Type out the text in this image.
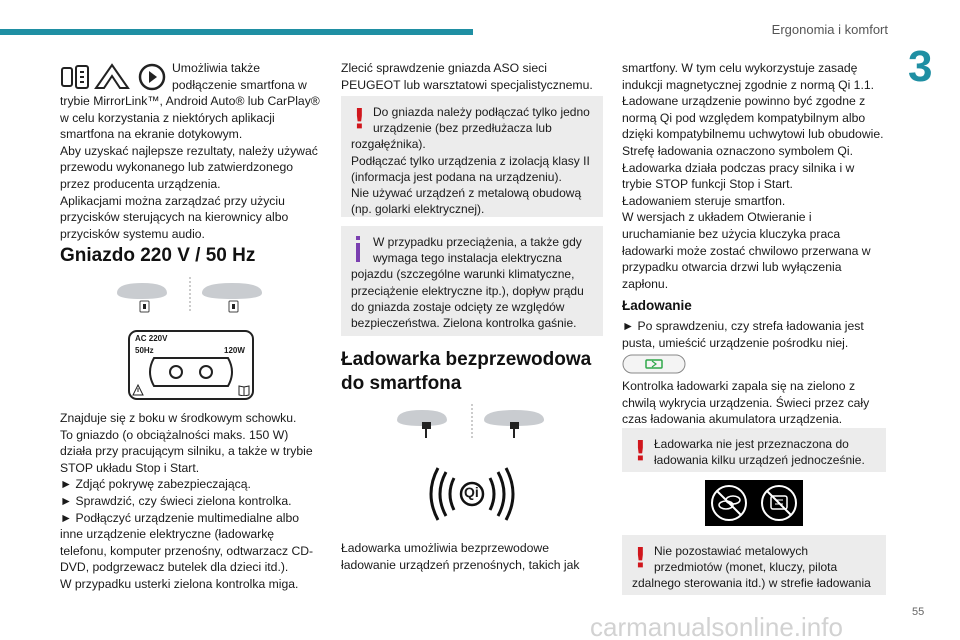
Ergonomia i komfort
3
Umożliwia także
podłączenie smartfona w
trybie MirrorLink™, Android Auto® lub CarPlay® w celu korzystania z niektórych aplikacji smartfona na ekranie dotykowym.
Aby uzyskać najlepsze rezultaty, należy używać przewodu wykonanego lub zatwierdzonego przez producenta urządzenia.
Aplikacjami można zarządzać przy użyciu przycisków sterujących na kierownicy albo przycisków systemu audio.
Gniazdo 220 V / 50 Hz
AC 220V
50Hz	120W
Znajduje się z boku w środkowym schowku.
To gniazdo (o obciążalności maks. 150 W) działa przy pracującym silniku, a także w trybie STOP układu Stop i Start.
► Zdjąć pokrywę zabezpieczającą.
► Sprawdzić, czy świeci zielona kontrolka.
► Podłączyć urządzenie multimedialne albo inne urządzenie elektryczne (ładowarkę telefonu, komputer przenośny, odtwarzacz CD-DVD, podgrzewacz butelek dla dzieci itd.).
W przypadku usterki zielona kontrolka miga.
Zlecić sprawdzenie gniazda ASO sieci PEUGEOT lub warsztatowi specjalistycznemu.
! Do gniazda należy podłączać tylko jedno
urządzenie (bez przedłużacza lub rozgałęźnika).
Podłączać tylko urządzenia z izolacją klasy II (informacja jest podana na urządzeniu).
Nie używać urządzeń z metalową obudową (np. golarki elektrycznej).
W przypadku przeciążenia, a także gdy
wymaga tego instalacja elektryczna pojazdu (szczególne warunki klimatyczne, przeciążenie elektryczne itp.), dopływ prądu do gniazda zostaje odcięty ze względów bezpieczeństwa. Zielona kontrolka gaśnie.
Ładowarka bezprzewodowa do smartfona
Qi
Ładowarka umożliwia bezprzewodowe ładowanie urządzeń przenośnych, takich jak
smartfony. W tym celu wykorzystuje zasadę indukcji magnetycznej zgodnie z normą Qi 1.1.
Ładowane urządzenie powinno być zgodne z normą Qi pod względem kompatybilnym albo dzięki kompatybilnemu uchwytowi lub obudowie.
Strefę ładowania oznaczono symbolem Qi.
Ładowarka działa podczas pracy silnika i w trybie STOP funkcji Stop i Start.
Ładowaniem steruje smartfon.
W wersjach z układem Otwieranie i uruchamianie bez użycia kluczyka praca ładowarki może zostać chwilowo przerwana w przypadku otwarcia drzwi lub wyłączenia zapłonu.
Ładowanie
► Po sprawdzeniu, czy strefa ładowania jest pusta, umieścić urządzenie pośrodku niej.
Kontrolka ładowarki zapala się na zielono z chwilą wykrycia urządzenia. Świeci przez cały czas ładowania akumulatora urządzenia.
! Ładowarka nie jest przeznaczona do
ładowania kilku urządzeń jednocześnie.
! Nie pozostawiać metalowych
przedmiotów (monet, kluczy, pilota zdalnego sterowania itd.) w strefie ładowania
carmanualsonline.info	55
